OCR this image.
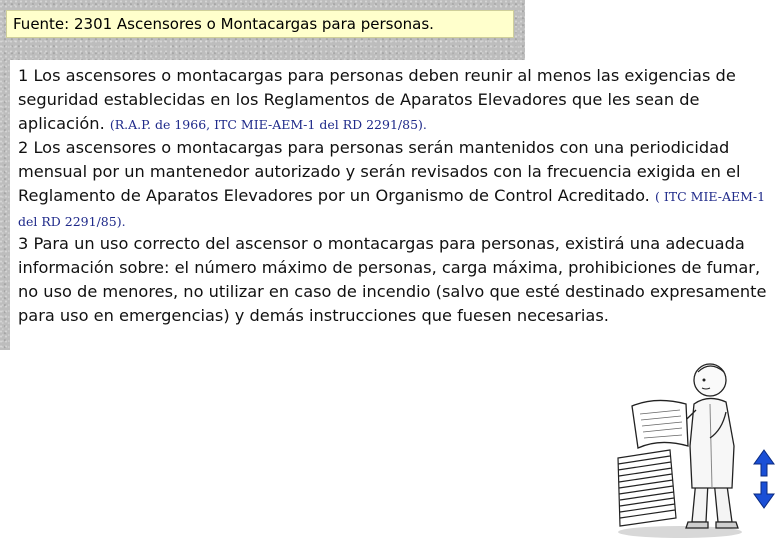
Fuente: 2301 Ascensores o Montacargas para personas.
1 Los ascensores o montacargas para personas deben reunir al menos las exigencias de seguridad establecidas en los Reglamentos de Aparatos Elevadores que les sean de aplicación. (R.A.P. de 1966, ITC MIE-AEM-1 del RD 2291/85).
2 Los ascensores o montacargas para personas serán mantenidos con una periodicidad mensual por un mantenedor autorizado y serán revisados con la frecuencia exigida en el Reglamento de Aparatos Elevadores por un Organismo de Control Acreditado. ( ITC MIE-AEM-1 del RD 2291/85).
3 Para un uso correcto del ascensor o montacargas para personas, existirá una adecuada información sobre: el número máximo de personas, carga máxima, prohibiciones de fumar, no uso de menores, no utilizar en caso de incendio (salvo que esté destinado expresamente para uso en emergencias) y demás instrucciones que fuesen necesarias.
